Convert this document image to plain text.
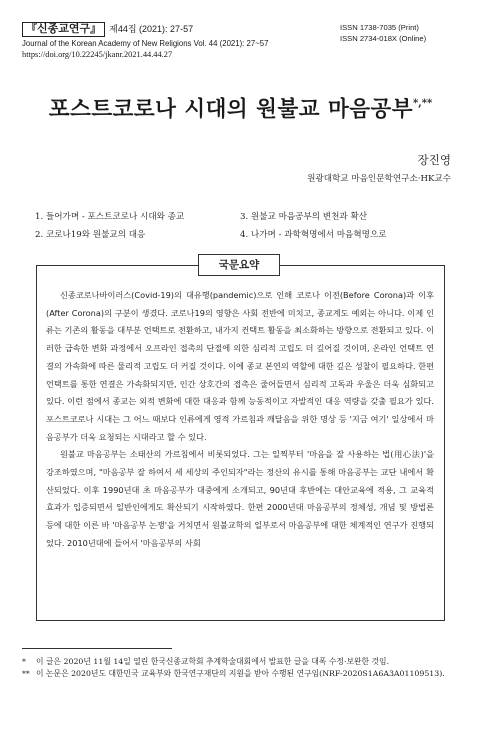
『신종교연구』 제44집 (2021): 27-57
Journal of the Korean Academy of New Religions Vol. 44 (2021): 27~57
https://doi.org/10.22245/jkanr.2021.44.44.27
ISSN 1738-7035 (Print)
ISSN 2734-018X (Online)
포스트코로나 시대의 원불교 마음공부*,**
장진영
원광대학교 마음인문학연구소·HK교수
1. 들어가며 - 포스트코로나 시대와 종교	3. 원불교 마음공부의 변천과 확산
2. 코로나19와 원불교의 대응	4. 나가며 - 과학혁명에서 마음혁명으로
국문요약

신종코로나바이러스(Covid-19)의 대유행(pandemic)으로 인해 코로나 이전(Before Corona)과 이후(After Corona)의 구분이 생겼다. 코로나19의 영향은 사회 전반에 미치고, 종교계도 예외는 아니다. 이제 인류는 기존의 활동을 대부분 언택트로 전환하고, 내가지 컨택트 활동을 최소화하는 방향으로 전환되고 있다. 이러한 급속한 변화 과정에서 오프라인 접촉의 단절에 의한 심리적 고립도 더 깊어질 것이며, 온라인 언택트 연결의 가속화에 따른 물리적 고립도 더 커질 것이다. 이에 종교 본연의 역할에 대한 깊은 성찰이 필요하다. 한편 언택트를 통한 연결은 가속화되지만, 인간 상호간의 접촉은 줄어들면서 심리적 고독과 우울은 더욱 심화되고 있다. 이런 점에서 종교는 외적 변화에 대한 대응과 함께 능동적이고 자발적인 대응 역량을 갖출 필요가 있다. 포스트코로나 시대는 그 어느 때보다 인류에게 영적 가르침과 깨달음을 위한 명상 등 '지금 여기' 일상에서 마음공부가 더욱 요청되는 시대라고 할 수 있다.

원불교 마음공부는 소태산의 가르침에서 비롯되었다. 그는 일찍부터 '마음을 잘 사용하는 법(用心法)'을 강조하였으며, "마음공부 잘 하여서 세 세상의 주인되자"라는 정산의 유시를 통해 마음공부는 교단 내에서 확산되었다. 이후 1990년대 초 마음공부가 대중에게 소개되고, 90년대 후반에는 대안교육에 적용, 그 교육적 효과가 입증되면서 일반인에게도 확산되기 시작하였다. 한편 2000년대 마음공부의 정체성, 개념 및 방법론 등에 대한 이른 바 '마음공부 논쟁'을 거치면서 원불교학의 일부로서 마음공부에 대한 체계적인 연구가 진행되었다. 2010년대에 들어서 '마음공부의 사회

* 이 글은 2020년 11월 14일 열린 한국신종교학회 추계학술대회에서 발표한 글을 대폭 수정·보완한 것임.
** 이 논문은 2020년도 대한민국 교육부와 한국연구재단의 지원을 받아 수행된 연구임(NRF-2020S1A6A3A01109513).
